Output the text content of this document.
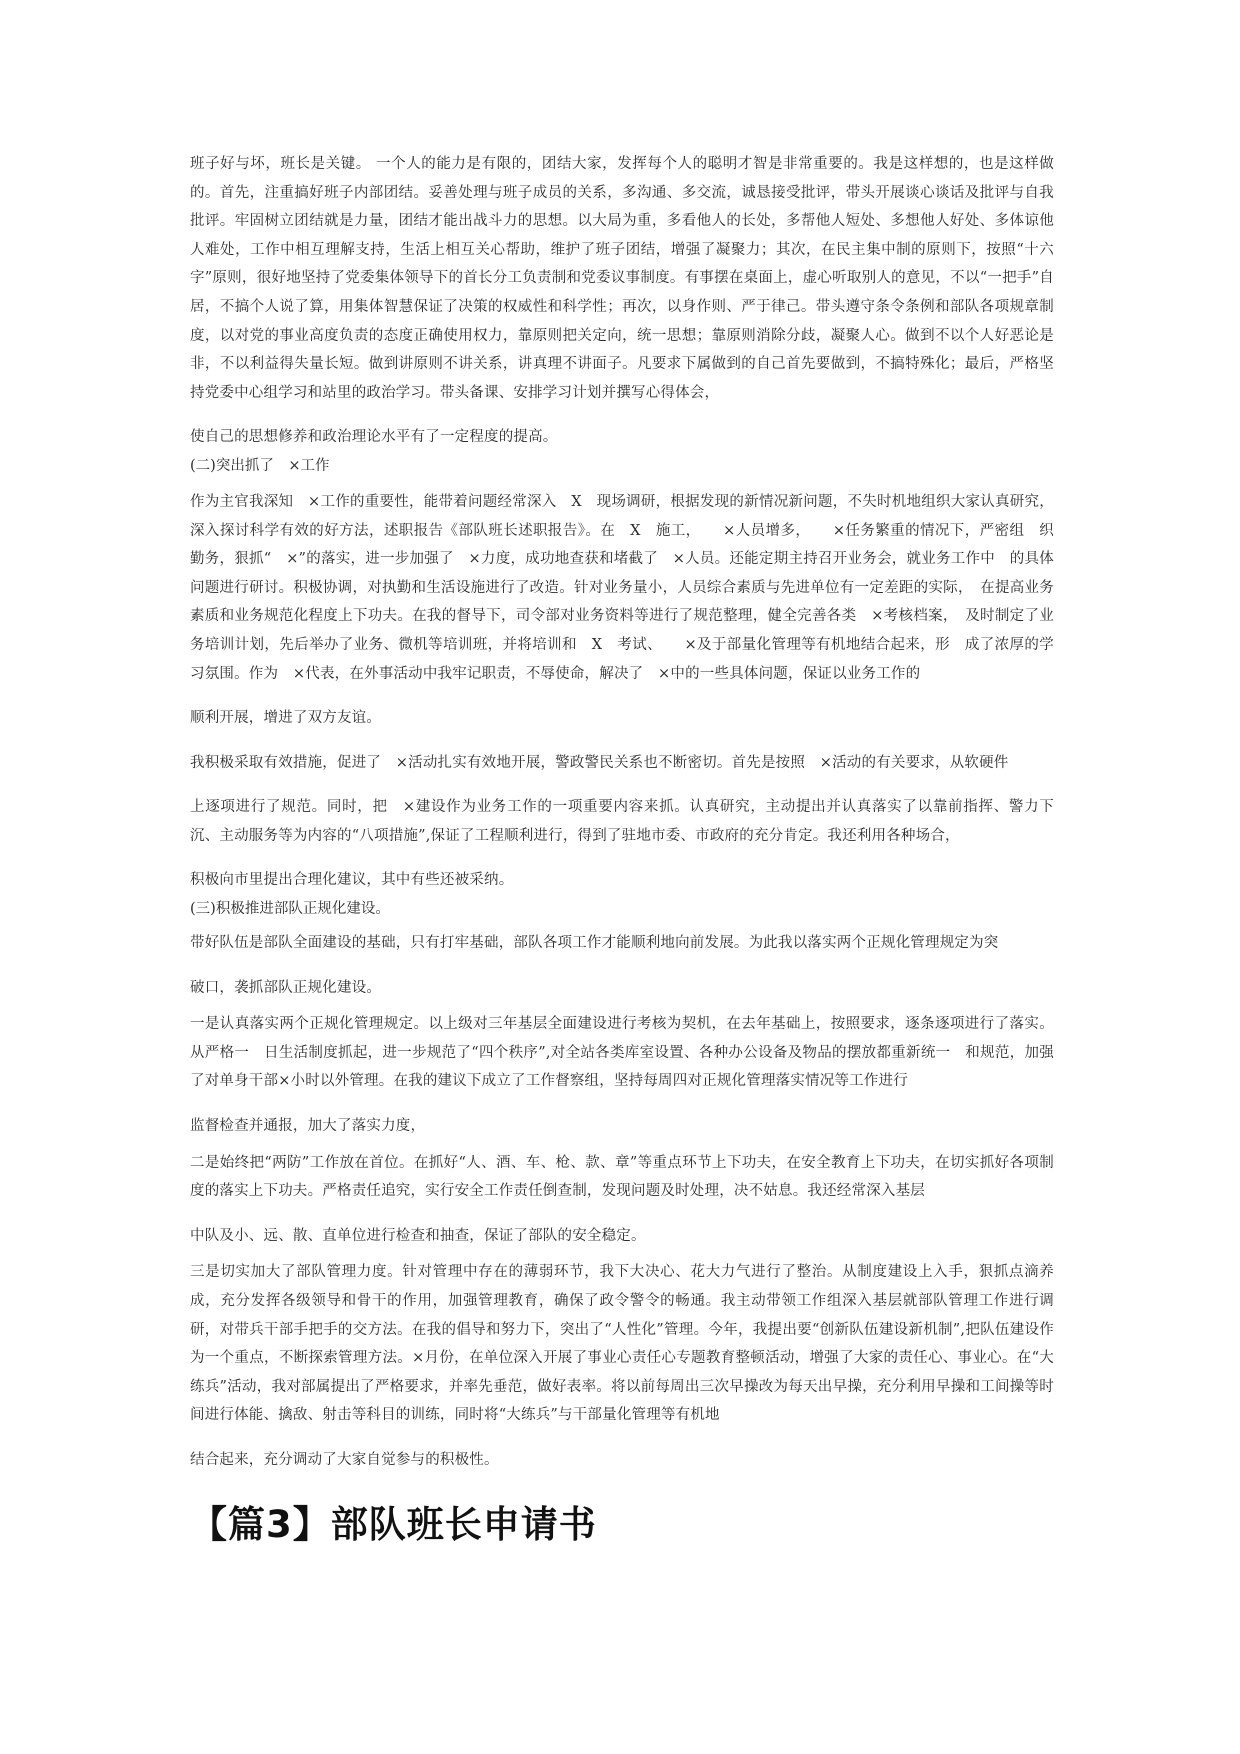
班子好与坏，班长是关键。 一个人的能力是有限的，团结大家，发挥每个人的聪明才智是非常重要的。我是这样想的，也是这样做的。首先，注重搞好班子内部团结。妥善处理与班子成员的关系，多沟通、多交流，诚恳接受批评，带头开展谈心谈话及批评与自我批评。牢固树立团结就是力量，团结才能出战斗力的思想。以大局为重，多看他人的长处，多帮他人短处、多想他人好处、多体谅他人难处，工作中相互理解支持，生活上相互关心帮助，维护了班子团结，增强了凝聚力；其次，在民主集中制的原则下，按照“十六字”原则，很好地坚持了党委集体领导下的首长分工负责制和党委议事制度。有事摆在桌面上，虚心听取别人的意见，不以“一把手”自居，不搞个人说了算，用集体智慧保证了决策的权威性和科学性；再次，以身作则、严于律己。带头遵守条令条例和部队各项规章制度，以对党的事业高度负责的态度正确使用权力，靠原则把关定向，统一思想；靠原则消除分歧，凝聚人心。做到不以个人好恶论是非，不以利益得失量长短。做到讲原则不讲关系，讲真理不讲面子。凡要求下属做到的自己首先要做到，不搞特殊化；最后，严格坚持党委中心组学习和站里的政治学习。带头备课、安排学习计划并撰写心得体会，

使自己的思想修养和政治理论水平有了一定程度的提高。

(二)突出抓了　×工作

作为主官我深知　×工作的重要性，能带着问题经常深入　X　现场调研，根据发现的新情况新问题，不失时机地组织大家认真研究，深入探讨科学有效的好方法，述职报告《部队班长述职报告》。在　X　施工，　　×人员增多，　　×任务繁重的情况下，严密组　织勤务，狠抓“　×”的落实，进一步加强了　×力度，成功地查获和堵截了　×人员。还能定期主持召开业务会，就业务工作中　的具体问题进行研讨。积极协调，对执勤和生活设施进行了改造。针对业务量小，人员综合素质与先进单位有一定差距的实际，　在提高业务素质和业务规范化程度上下功夫。在我的督导下，司令部对业务资料等进行了规范整理，健全完善各类　×考核档案，　及时制定了业务培训计划，先后举办了业务、微机等培训班，并将培训和　X　考试、　　×及于部量化管理等有机地结合起来，形　成了浓厚的学习氛围。作为　×代表，在外事活动中我牢记职责，不辱使命，解决了　×中的一些具体问题，保证以业务工作的

顺利开展，增进了双方友谊。

我积极采取有效措施，促进了　×活动扎实有效地开展，警政警民关系也不断密切。首先是按照　×活动的有关要求，从软硬件

上逐项进行了规范。同时，把　×建设作为业务工作的一项重要内容来抓。认真研究，主动提出并认真落实了以靠前指挥、警力下沉、主动服务等为内容的“八项措施”,保证了工程顺利进行，得到了驻地市委、市政府的充分肯定。我还利用各种场合，

积极向市里提出合理化建议，其中有些还被采纳。

(三)积极推进部队正规化建设。

带好队伍是部队全面建设的基础，只有打牢基础，部队各项工作才能顺利地向前发展。为此我以落实两个正规化管理规定为突

破口，袭抓部队正规化建设。

一是认真落实两个正规化管理规定。以上级对三年基层全面建设进行考核为契机，在去年基础上，按照要求，逐条逐项进行了落实。从严格一　日生活制度抓起，进一步规范了“四个秩序”,对全站各类库室设置、各种办公设备及物品的摆放都重新统一　和规范，加强了对单身干部×小时以外管理。在我的建议下成立了工作督察组，坚持每周四对正规化管理落实情况等工作进行

监督检查并通报，加大了落实力度，

二是始终把“两防”工作放在首位。在抓好“人、酒、车、枪、款、章”等重点环节上下功夫，在安全教育上下功夫，在切实抓好各项制度的落实上下功夫。严格责任追究，实行安全工作责任倒查制，发现问题及时处理，决不姑息。我还经常深入基层

中队及小、远、散、直单位进行检查和抽查，保证了部队的安全稳定。

三是切实加大了部队管理力度。针对管理中存在的薄弱环节，我下大决心、花大力气进行了整治。从制度建设上入手，狠抓点滴养成，充分发挥各级领导和骨干的作用，加强管理教育，确保了政令警令的畅通。我主动带领工作组深入基层就部队管理工作进行调研，对带兵干部手把手的交方法。在我的倡导和努力下，突出了“人性化”管理。今年，我提出要“创新队伍建设新机制”,把队伍建设作为一个重点，不断探索管理方法。×月份，在单位深入开展了事业心责任心专题教育整顿活动，增强了大家的责任心、事业心。在“大练兵”活动，我对部属提出了严格要求，并率先垂范，做好表率。将以前每周出三次早操改为每天出早操，充分利用早操和工间操等时间进行体能、擒敌、射击等科目的训练，同时将“大练兵”与干部量化管理等有机地

结合起来，充分调动了大家自觉参与的积极性。

【篇3】部队班长申请书
